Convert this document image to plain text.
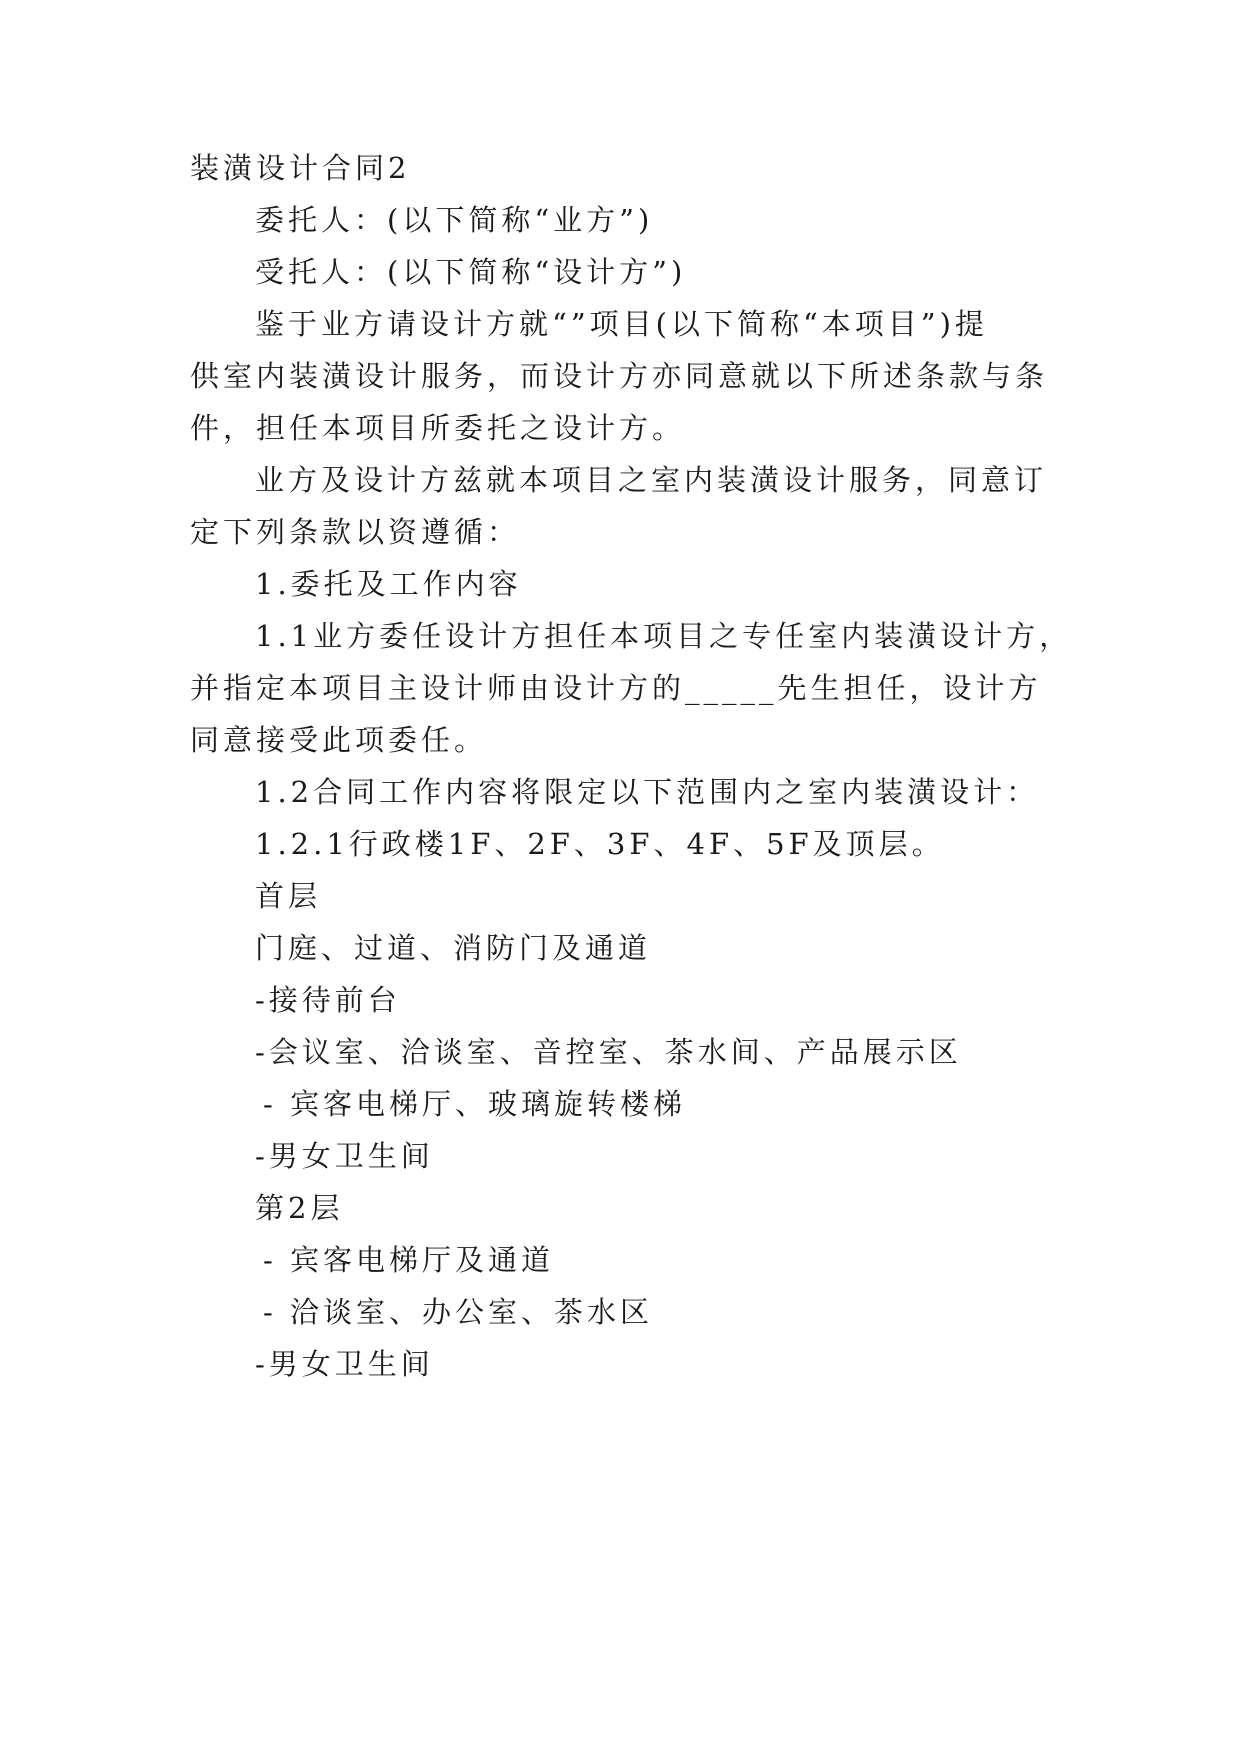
装潢设计合同2
委托人：(以下简称“业方”)
受托人：(以下简称“设计方”)
鉴于业方请设计方就“”项目(以下简称“本项目”)提
供室内装潢设计服务，而设计方亦同意就以下所述条款与条
件，担任本项目所委托之设计方。
业方及设计方兹就本项目之室内装潢设计服务，同意订
定下列条款以资遵循：
1.委托及工作内容
1.1业方委任设计方担任本项目之专任室内装潢设计方，
并指定本项目主设计师由设计方的_____先生担任，设计方
同意接受此项委任。
1.2合同工作内容将限定以下范围内之室内装潢设计：
1.2.1行政楼1F、2F、3F、4F、5F及顶层。
首层
门庭、过道、消防门及通道
-接待前台
-会议室、洽谈室、音控室、茶水间、产品展示区
- 宾客电梯厅、玻璃旋转楼梯
-男女卫生间
第2层
- 宾客电梯厅及通道
- 洽谈室、办公室、茶水区
-男女卫生间
